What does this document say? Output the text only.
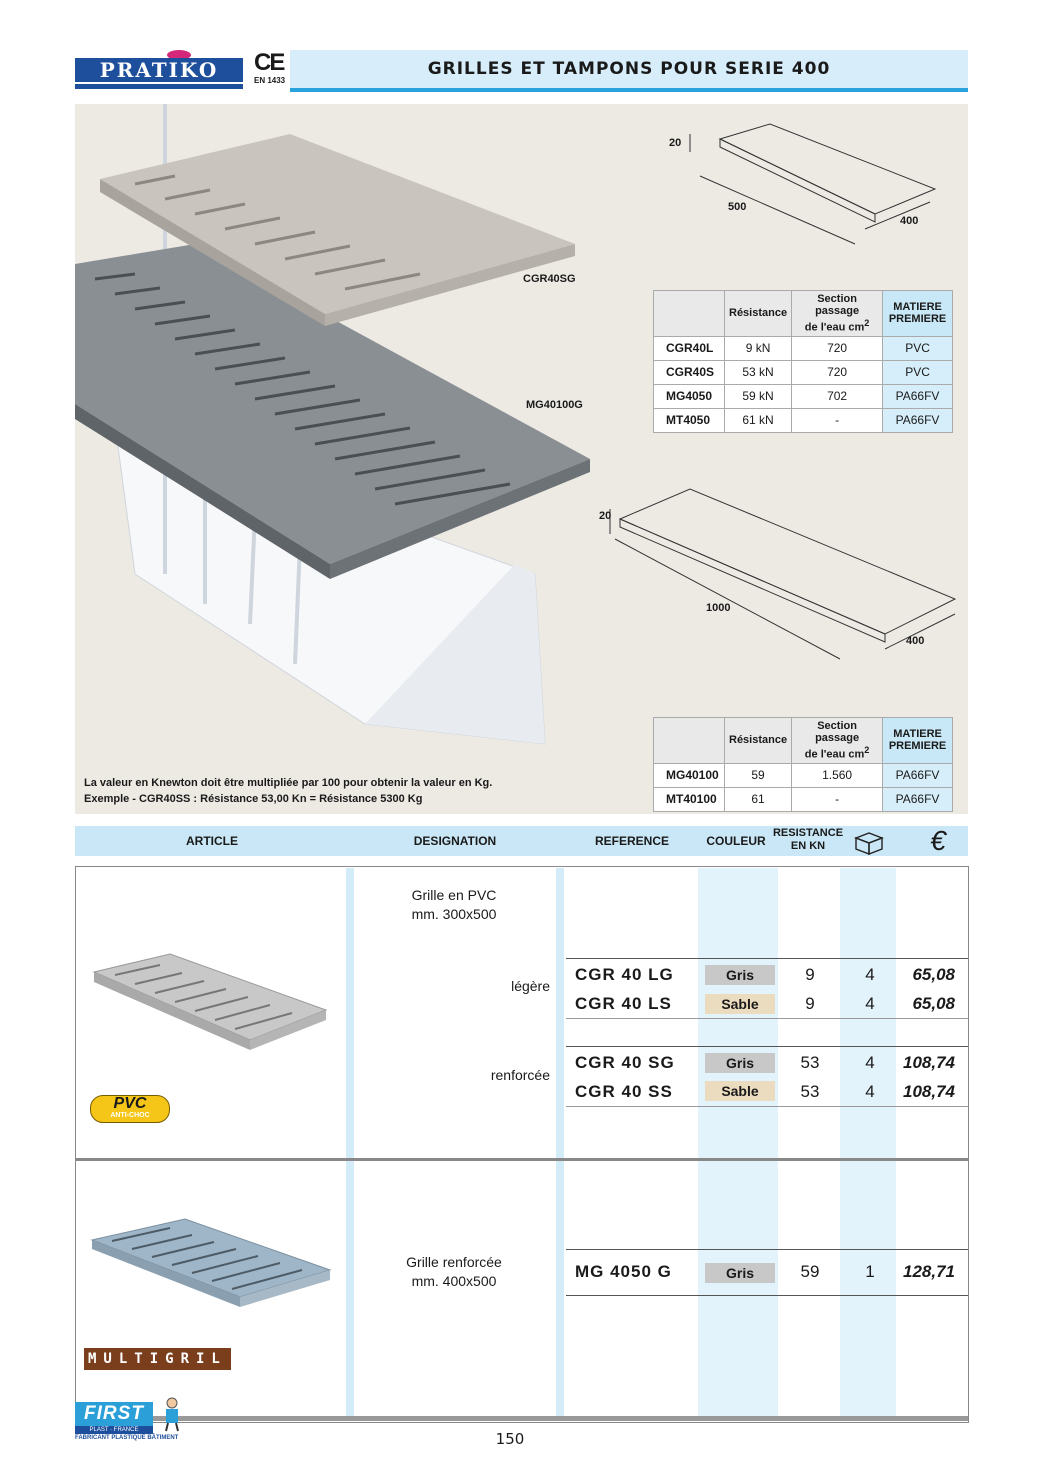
PRATIKO	CE
EN 1433
GRILLES ET TAMPONS POUR SERIE 400
20
500
400
20
1000
400
CGR40SG
MG40100G
	Résistance	Section passage
de l'eau $cm^2$	MATIERE
PREMIERE
CGR40L	9 kN	720	PVC
CGR40S	53 kN	720	PVC
MG4050	59 kN	702	PA66FV
MT4050	61 kN	-	PA66FV
	Résistance	Section passage
de l'eau $cm^2$	MATIERE
PREMIERE
MG40100	59	1.560	PA66FV
MT40100	61	-	PA66FV
La valeur en Knewton doit être multipliée par 100 pour obtenir la valeur en Kg.
Exemple - CGR40SS : Résistance 53,00 Kn = Résistance 5300 Kg
ARTICLE	DESIGNATION	REFERENCE	COULEUR
RESISTANCE
EN KN	€
PVC
ANTI-CHOC
Grille en PVC
mm. 300x500
légère
renforcée
CGR 40 LG	Gris	9	4	65,08
CGR 40 LS	Sable	9	4	65,08
CGR 40 SG	Gris	53	4	108,74
CGR 40 SS	Sable	53	4	108,74
MULTIGRIL
Grille renforcée
mm. 400x500	MG 4050 G	Gris	59	1	128,71
FIRST
PLAST · FRANCE
FABRICANT PLASTIQUE BÂTIMENT	150
